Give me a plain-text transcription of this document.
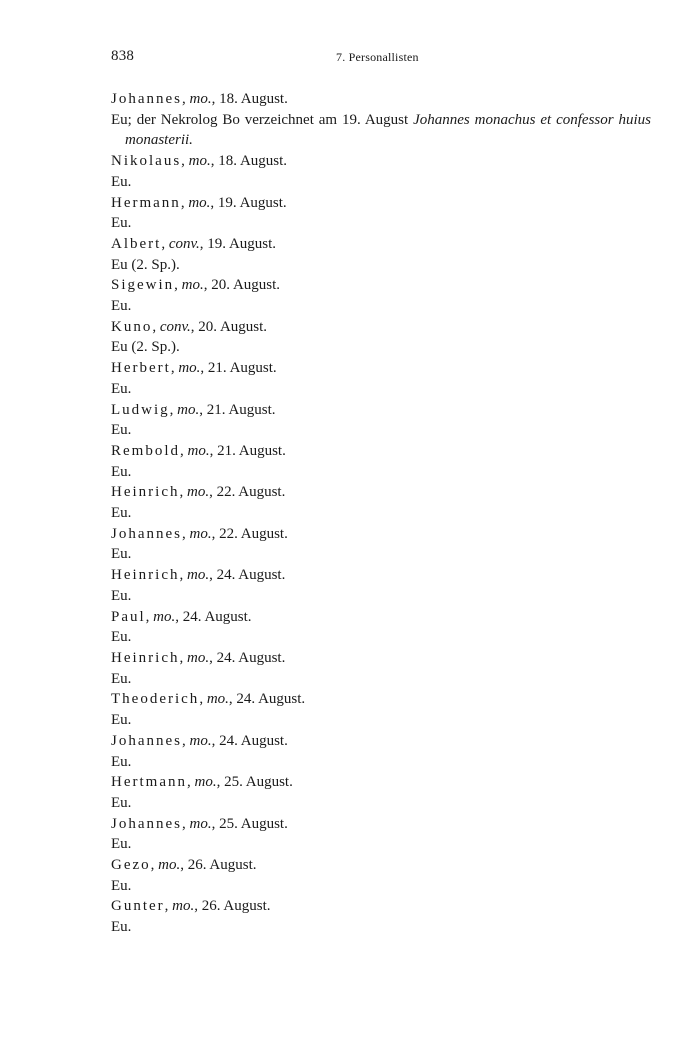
838	7. Personallisten
Johannes, mo., 18. August.
Eu; der Nekrolog Bo verzeichnet am 19. August Johannes monachus et confessor huius monasterii.
Nikolaus, mo., 18. August.
Eu.
Hermann, mo., 19. August.
Eu.
Albert, conv., 19. August.
Eu (2. Sp.).
Sigewin, mo., 20. August.
Eu.
Kuno, conv., 20. August.
Eu (2. Sp.).
Herbert, mo., 21. August.
Eu.
Ludwig, mo., 21. August.
Eu.
Rembold, mo., 21. August.
Eu.
Heinrich, mo., 22. August.
Eu.
Johannes, mo., 22. August.
Eu.
Heinrich, mo., 24. August.
Eu.
Paul, mo., 24. August.
Eu.
Heinrich, mo., 24. August.
Eu.
Theoderich, mo., 24. August.
Eu.
Johannes, mo., 24. August.
Eu.
Hertmann, mo., 25. August.
Eu.
Johannes, mo., 25. August.
Eu.
Gezo, mo., 26. August.
Eu.
Gunter, mo., 26. August.
Eu.
